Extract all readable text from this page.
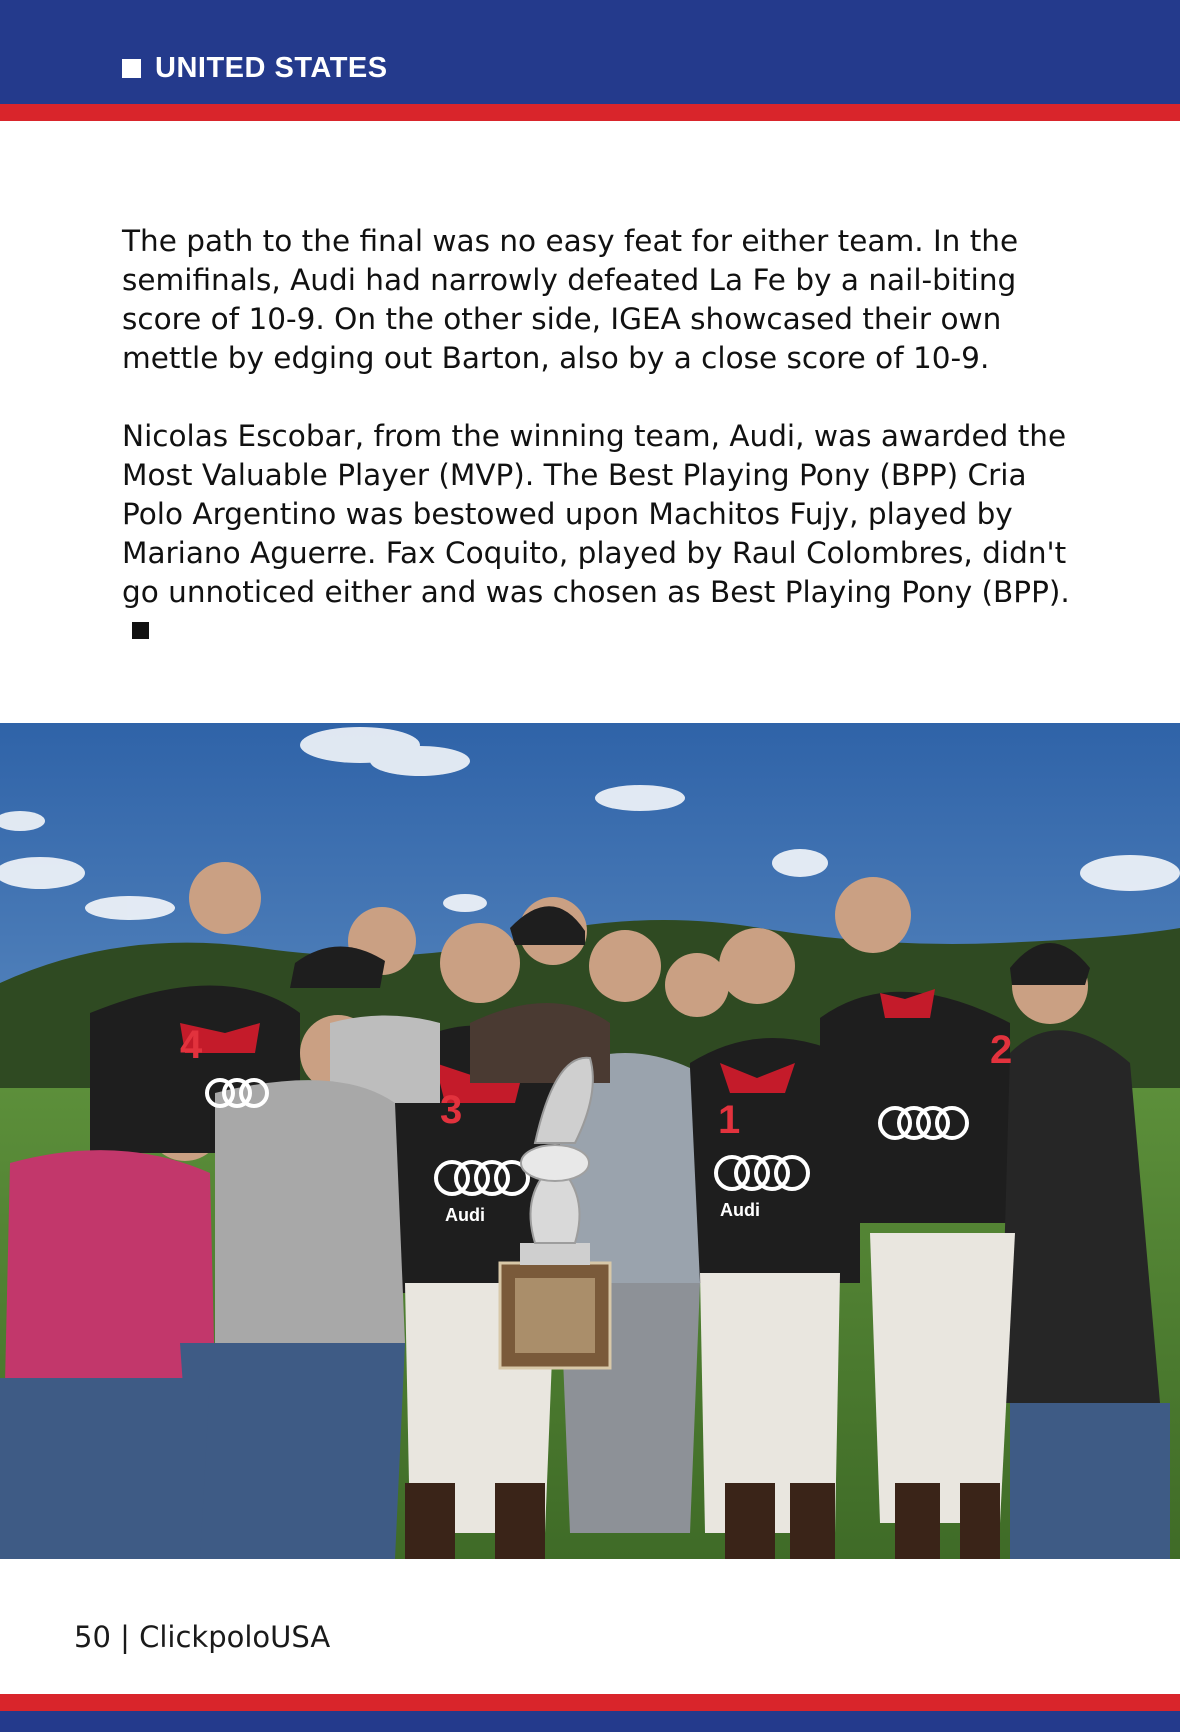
UNITED STATES

The path to the final was no easy feat for either team. In the semifinals, Audi had narrowly defeated La Fe by a nail-biting score of 10-9. On the other side, IGEA showcased their own mettle by edging out Barton, also by a close score of 10-9.

Nicolas Escobar, from the winning team, Audi, was awarded the Most Valuable Player (MVP). The Best Playing Pony (BPP) Cria Polo Argentino was bestowed upon Machitos Fujy, played by Mariano Aguerre. Fax Coquito, played by Raul Colombres, didn't go unnoticed either and was chosen as Best Playing Pony (BPP).

4
3	1
2
Audi	Audi
50 | ClickpoloUSA
